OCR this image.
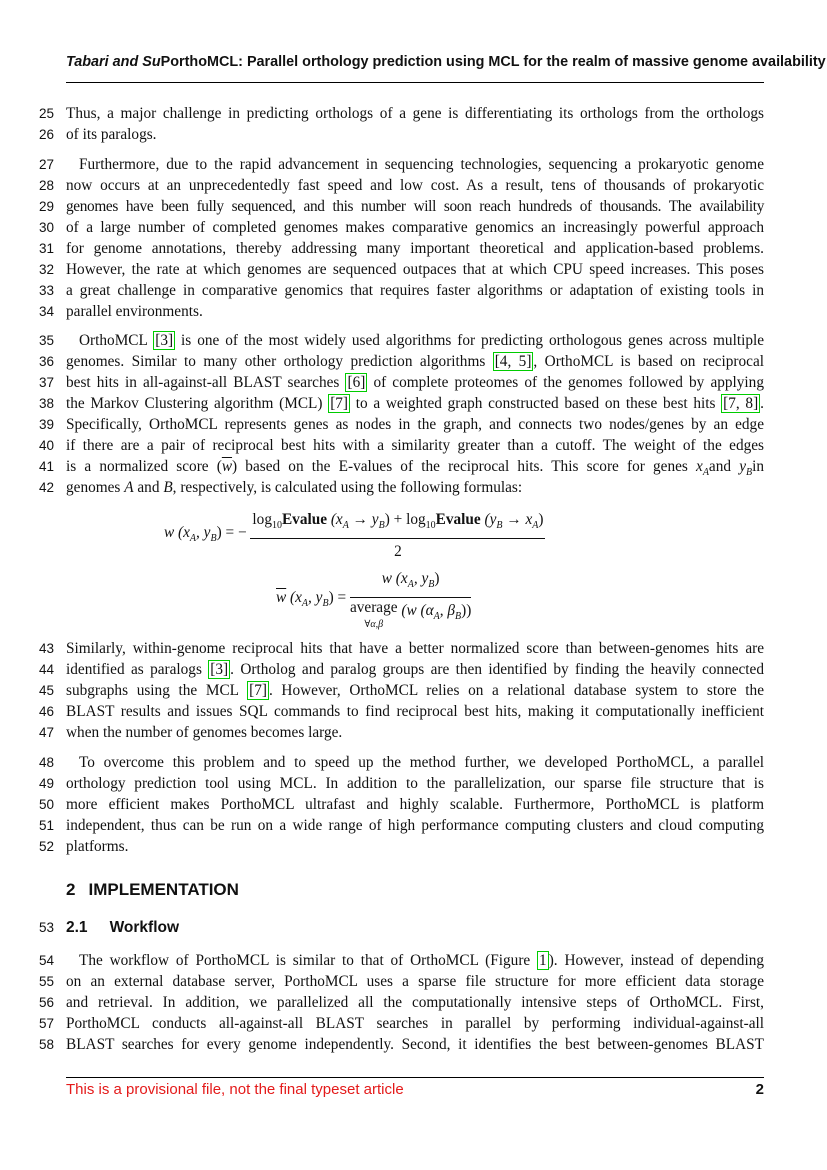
Tabari and SuPorthoMCL: Parallel orthology prediction using MCL for the realm of massive genome availability
25 Thus, a major challenge in predicting orthologs of a gene is differentiating its orthologs from the orthologs
26 of its paralogs.
27	Furthermore, due to the rapid advancement in sequencing technologies, sequencing a prokaryotic genome
28 now occurs at an unprecedentedly fast speed and low cost. As a result, tens of thousands of prokaryotic
29 genomes have been fully sequenced, and this number will soon reach hundreds of thousands. The availability
30 of a large number of completed genomes makes comparative genomics an increasingly powerful approach
31 for genome annotations, thereby addressing many important theoretical and application-based problems.
32 However, the rate at which genomes are sequenced outpaces that at which CPU speed increases. This poses
33 a great challenge in comparative genomics that requires faster algorithms or adaptation of existing tools in
34 parallel environments.
35	OrthoMCL [3] is one of the most widely used algorithms for predicting orthologous genes across multiple
36 genomes. Similar to many other orthology prediction algorithms [4, 5] , OrthoMCL is based on reciprocal
37 best hits in all-against-all BLAST searches [6] of complete proteomes of the genomes followed by applying
38 the Markov Clustering algorithm (MCL) [7] to a weighted graph constructed based on these best hits [7, 8] .
39 Specifically, OrthoMCL represents genes as nodes in the graph, and connects two nodes/genes by an edge
40 if there are a pair of reciprocal best hits with a similarity greater than a cutoff. The weight of the edges
41 is a normalized score $(\overline{w})$ based on the E-values of the reciprocal hits. This score for genes $x_Aand$ $y_Bin$
42 genomes A and B, respectively, is calculated using the following formulas:
w ($x_A$, $y_B$) = − $\frac{\log_{10}Evalue (x_A \to y_B) + \log_{10}Evalue (y_B \to x_A)}{2}$
$\overline{w}$ ($x_A$, $y_B$) =
w ($x_A$, $y_B$)
average
∀α,β (w ($\alpha_A$, $\beta_B$))
43 Similarly, within-genome reciprocal hits that have a better normalized score than between-genomes hits are
44 identified as paralogs [3] . Ortholog and paralog groups are then identified by finding the heavily connected
45 subgraphs using the MCL [7] . However, OrthoMCL relies on a relational database system to store the
46 BLAST results and issues SQL commands to find reciprocal best hits, making it computationally inefficient
47 when the number of genomes becomes large.
48	To overcome this problem and to speed up the method further, we developed PorthoMCL, a parallel
49 orthology prediction tool using MCL. In addition to the parallelization, our sparse file structure that is
50 more efficient makes PorthoMCL ultrafast and highly scalable. Furthermore, PorthoMCL is platform
51 independent, thus can be run on a wide range of high performance computing clusters and cloud computing
52 platforms.
2 IMPLEMENTATION
53 2.1 Workflow
54	The workflow of PorthoMCL is similar to that of OrthoMCL (Figure 1 ). However, instead of depending
55 on an external database server, PorthoMCL uses a sparse file structure for more efficient data storage
56 and retrieval. In addition, we parallelized all the computationally intensive steps of OrthoMCL. First,
57 PorthoMCL conducts all-against-all BLAST searches in parallel by performing individual-against-all
58 BLAST searches for every genome independently. Second, it identifies the best between-genomes BLAST
This is a provisional file, not the final typeset article	2
